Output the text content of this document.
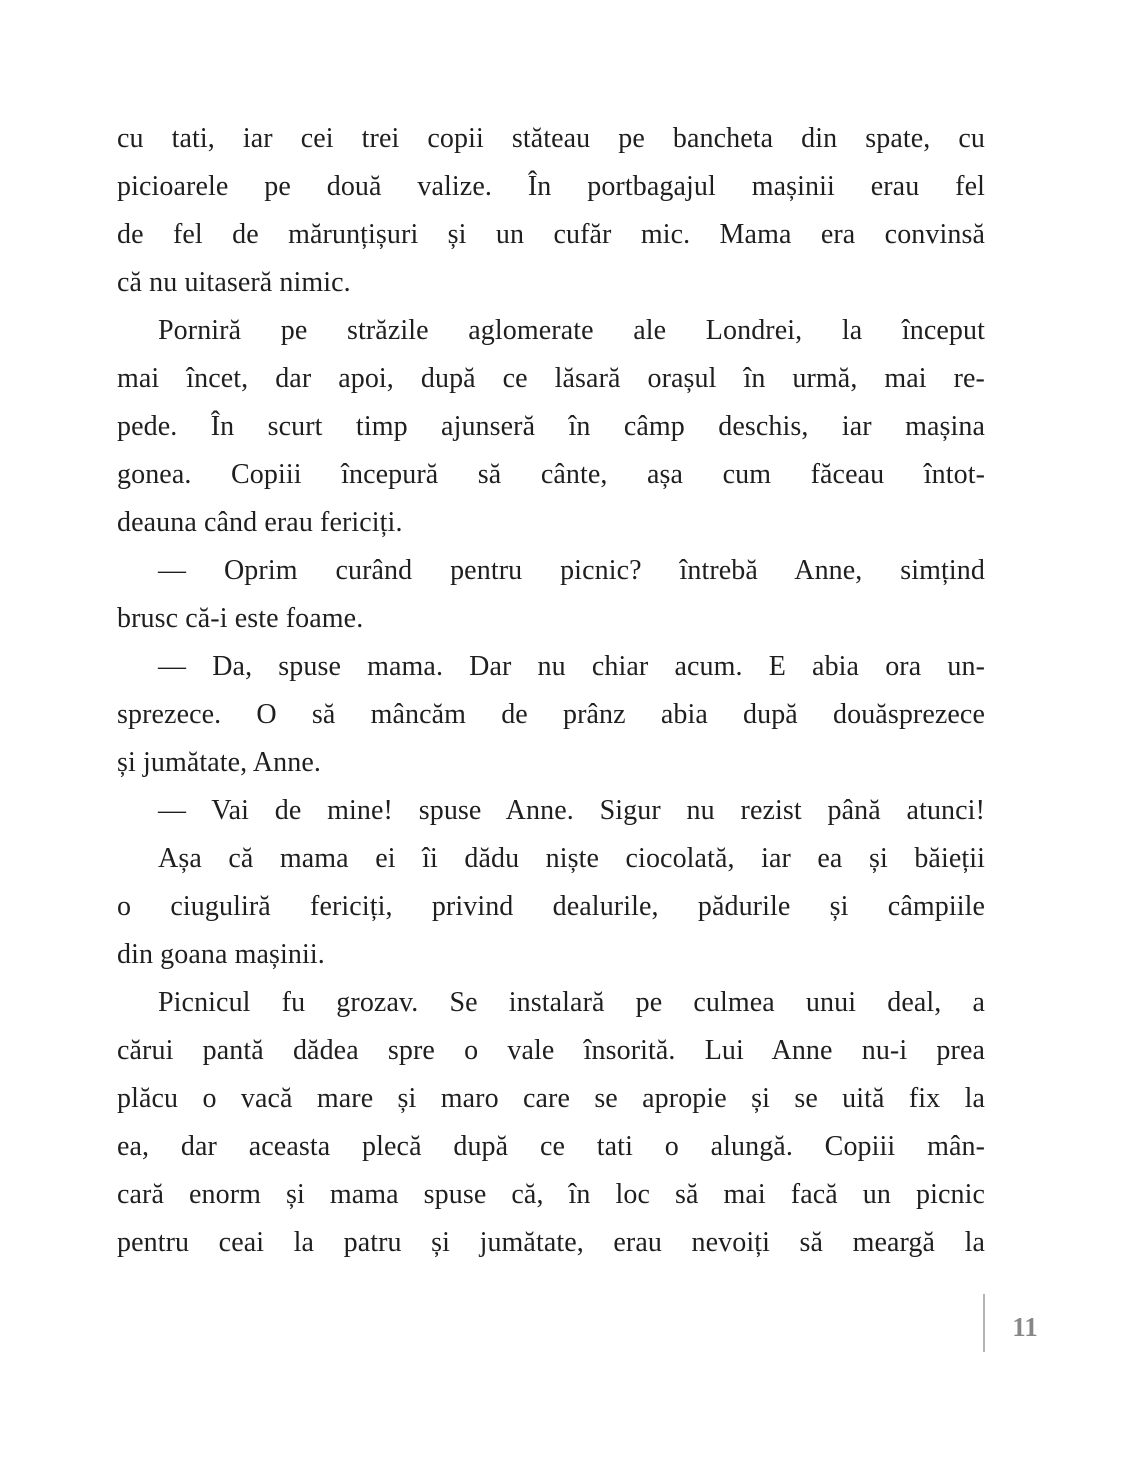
cu tati, iar cei trei copii stăteau pe bancheta din spate, cu
picioarele pe două valize. În portbagajul mașinii erau fel
de fel de mărunțișuri și un cufăr mic. Mama era convinsă
că nu uitaseră nimic.
Porniră pe străzile aglomerate ale Londrei, la început
mai încet, dar apoi, după ce lăsară orașul în urmă, mai re-
pede. În scurt timp ajunseră în câmp deschis, iar mașina
gonea. Copiii începură să cânte, așa cum făceau întot-
deauna când erau fericiți.
— Oprim curând pentru picnic? întrebă Anne, simțind
brusc că-i este foame.
— Da, spuse mama. Dar nu chiar acum. E abia ora un-
sprezece. O să mâncăm de prânz abia după douăsprezece
și jumătate, Anne.
— Vai de mine! spuse Anne. Sigur nu rezist până atunci!
Așa că mama ei îi dădu niște ciocolată, iar ea și băieții
o ciuguliră fericiți, privind dealurile, pădurile și câmpiile
din goana mașinii.
Picnicul fu grozav. Se instalară pe culmea unui deal, a
cărui pantă dădea spre o vale însorită. Lui Anne nu-i prea
plăcu o vacă mare și maro care se apropie și se uită fix la
ea, dar aceasta plecă după ce tati o alungă. Copiii mân-
cară enorm și mama spuse că, în loc să mai facă un picnic
pentru ceai la patru și jumătate, erau nevoiți să meargă la
11
